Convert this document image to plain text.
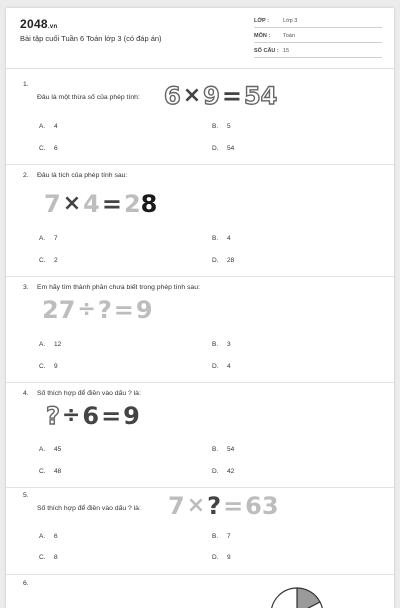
2048.vn
Bài tập cuối Tuần 6 Toán lớp 3 (có đáp án)
LỚP :	Lớp 3
MÔN : Toán
SỐ CÂU : 15
1.
Đâu là một thừa số của phép tính: 6 × 9 = 54
A. 4	B. 5
C. 6	D. 54
2. Đâu là tích của phép tính sau:
7 × 4 = 2 8
A. 7	B. 4
C. 2	D. 28
3. Em hãy tìm thành phần chưa biết trong phép tính sau:
27 ÷ ? = 9
A. 12	B. 3
C. 9	D. 4
4. Số thích hợp để điền vào dấu ? là:
? ÷ 6 = 9
A. 45	B. 54
C. 48	D. 42
5.
Số thích hợp để điền vào dấu ? là: 7 × ? = 63
A. 6	B. 7
C. 8	D. 9
6.
